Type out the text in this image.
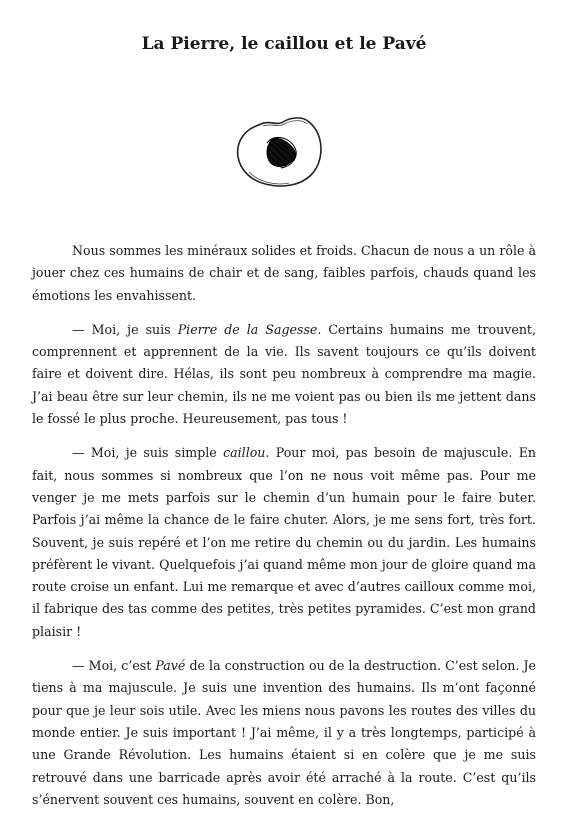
La Pierre, le caillou et le Pavé

Nous sommes les minéraux solides et froids. Chacun de nous a un rôle à jouer chez ces humains de chair et de sang, faibles parfois, chauds quand les émotions les envahissent.

— Moi, je suis Pierre de la Sagesse. Certains humains me trouvent, comprennent et apprennent de la vie. Ils savent toujours ce qu’ils doivent faire et doivent dire. Hélas, ils sont peu nombreux à comprendre ma magie. J’ai beau être sur leur chemin, ils ne me voient pas ou bien ils me jettent dans le fossé le plus proche. Heureusement, pas tous !

— Moi, je suis simple caillou. Pour moi, pas besoin de majuscule. En fait, nous sommes si nombreux que l’on ne nous voit même pas. Pour me venger je me mets parfois sur le chemin d’un humain pour le faire buter. Parfois j’ai même la chance de le faire chuter. Alors, je me sens fort, très fort. Souvent, je suis repéré et l’on me retire du chemin ou du jardin. Les humains préfèrent le vivant. Quelquefois j’ai quand même mon jour de gloire quand ma route croise un enfant. Lui me remarque et avec d’autres cailloux comme moi, il fabrique des tas comme des petites, très petites pyramides. C’est mon grand plaisir !

— Moi, c’est Pavé de la construction ou de la destruction. C’est selon. Je tiens à ma majuscule. Je suis une invention des humains. Ils m’ont façonné pour que je leur sois utile. Avec les miens nous pavons les routes des villes du monde entier. Je suis important ! J’ai même, il y a très longtemps, participé à une Grande Révolution. Les humains étaient si en colère que je me suis retrouvé dans une barricade après avoir été arraché à la route. C’est qu’ils s’énervent souvent ces humains, souvent en colère. Bon,
